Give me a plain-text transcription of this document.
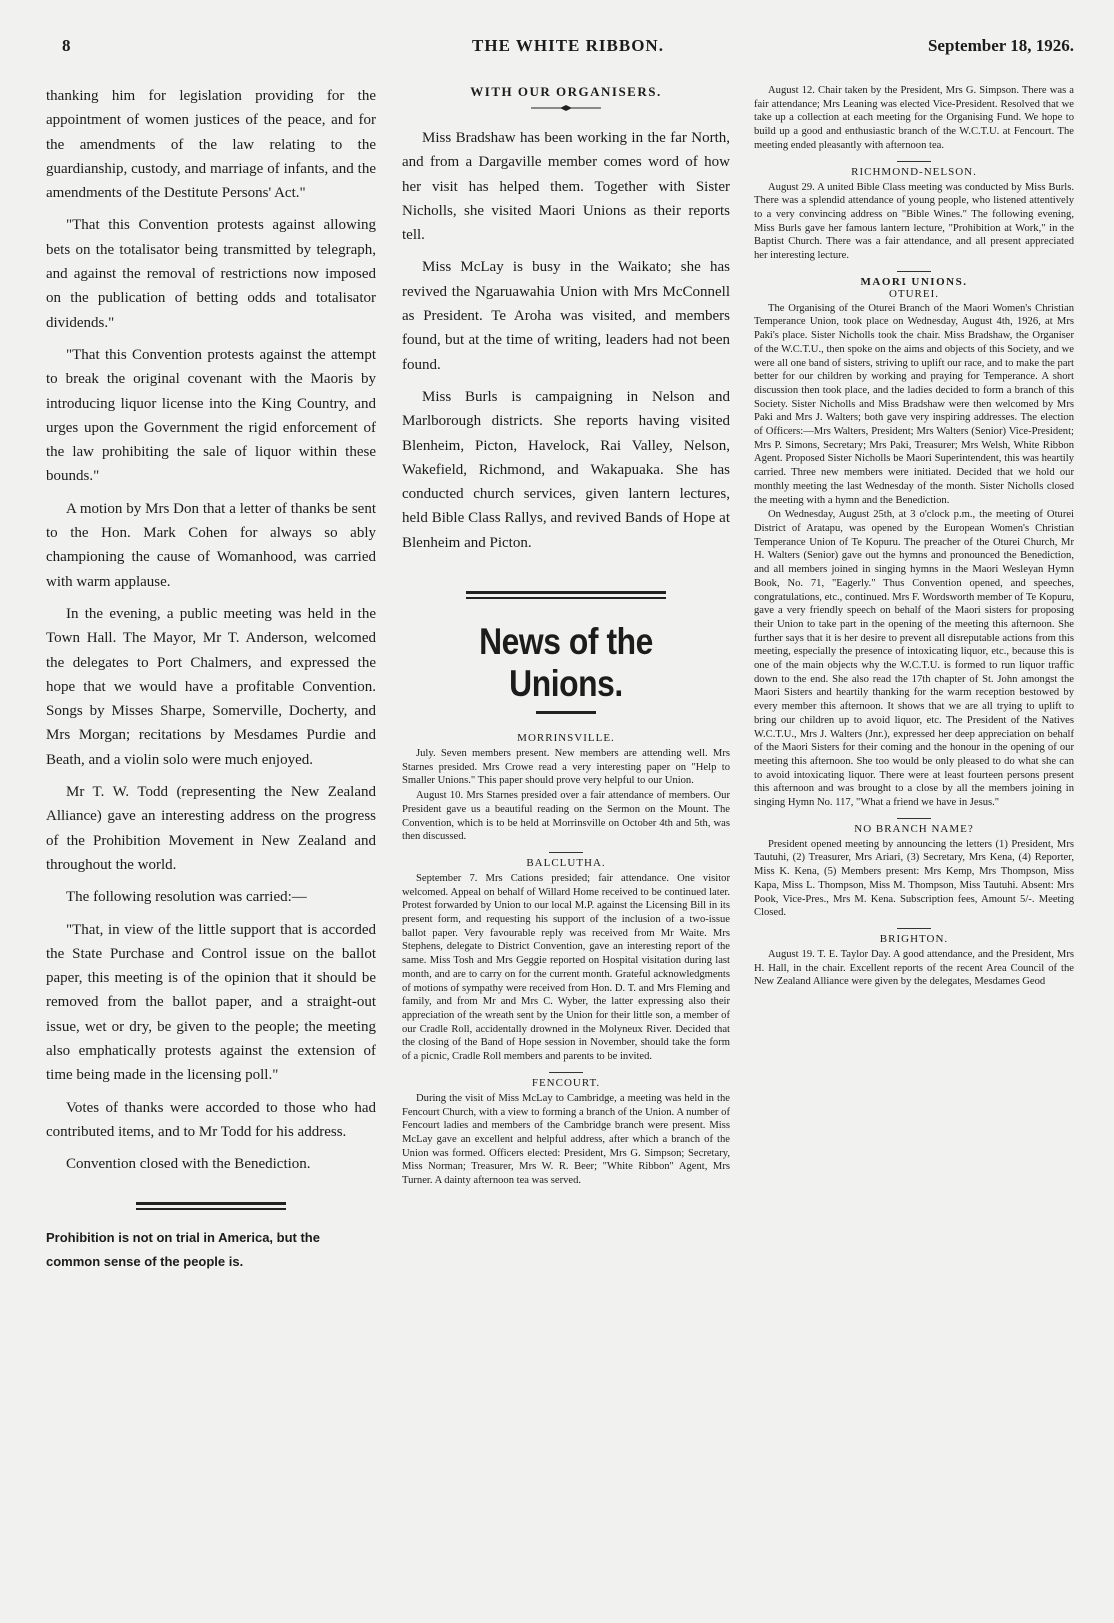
8	THE WHITE RIBBON.	September 18, 1926.

thanking him for legislation providing for the appointment of women justices of the peace, and for the amendments of the law relating to the guardianship, custody, and marriage of infants, and the amendments of the Destitute Persons' Act."

"That this Convention protests against allowing bets on the totalisator being transmitted by telegraph, and against the removal of restrictions now imposed on the publication of betting odds and totalisator dividends."

"That this Convention protests against the attempt to break the original covenant with the Maoris by introducing liquor license into the King Country, and urges upon the Government the rigid enforcement of the law prohibiting the sale of liquor within these bounds."

A motion by Mrs Don that a letter of thanks be sent to the Hon. Mark Cohen for always so ably championing the cause of Womanhood, was carried with warm applause.

In the evening, a public meeting was held in the Town Hall. The Mayor, Mr T. Anderson, welcomed the delegates to Port Chalmers, and expressed the hope that we would have a profitable Convention. Songs by Misses Sharpe, Somerville, Docherty, and Mrs Morgan; recitations by Mesdames Purdie and Beath, and a violin solo were much enjoyed.

Mr T. W. Todd (representing the New Zealand Alliance) gave an interesting address on the progress of the Prohibition Movement in New Zealand and throughout the world.

The following resolution was carried:—

"That, in view of the little support that is accorded the State Purchase and Control issue on the ballot paper, this meeting is of the opinion that it should be removed from the ballot paper, and a straight-out issue, wet or dry, be given to the people; the meeting also emphatically protests against the extension of time being made in the licensing poll."

Votes of thanks were accorded to those who had contributed items, and to Mr Todd for his address.

Convention closed with the Benediction.

Prohibition is not on trial in America, but the common sense of the people is.
WITH OUR ORGANISERS.

Miss Bradshaw has been working in the far North, and from a Dargaville member comes word of how her visit has helped them. Together with Sister Nicholls, she visited Maori Unions as their reports tell.

Miss McLay is busy in the Waikato; she has revived the Ngaruawahia Union with Mrs McConnell as President. Te Aroha was visited, and members found, but at the time of writing, leaders had not been found.

Miss Burls is campaigning in Nelson and Marlborough districts. She reports having visited Blenheim, Picton, Havelock, Rai Valley, Nelson, Wakefield, Richmond, and Wakapuaka. She has conducted church services, given lantern lectures, held Bible Class Rallys, and revived Bands of Hope at Blenheim and Picton.

News of the Unions.
MORRINSVILLE.

July. Seven members present. New members are attending well. Mrs Starnes presided. Mrs Crowe read a very interesting paper on "Help to Smaller Unions." This paper should prove very helpful to our Union.

August 10. Mrs Starnes presided over a fair attendance of members. Our President gave us a beautiful reading on the Sermon on the Mount. The Convention, which is to be held at Morrinsville on October 4th and 5th, was then discussed.

BALCLUTHA.

September 7. Mrs Cations presided; fair attendance. One visitor welcomed. Appeal on behalf of Willard Home received to be continued later. Protest forwarded by Union to our local M.P. against the Licensing Bill in its present form, and requesting his support of the inclusion of a two-issue ballot paper. Very favourable reply was received from Mr Waite. Mrs Stephens, delegate to District Convention, gave an interesting report of the same. Miss Tosh and Mrs Geggie reported on Hospital visitation during last month, and are to carry on for the current month. Grateful acknowledgments of motions of sympathy were received from Hon. D. T. and Mrs Fleming and family, and from Mr and Mrs C. Wyber, the latter expressing also their appreciation of the wreath sent by the Union for their little son, a member of our Cradle Roll, accidentally drowned in the Molyneux River. Decided that the closing of the Band of Hope session in November, should take the form of a picnic, Cradle Roll members and parents to be invited.

FENCOURT.

During the visit of Miss McLay to Cambridge, a meeting was held in the Fencourt Church, with a view to forming a branch of the Union. A number of Fencourt ladies and members of the Cambridge branch were present. Miss McLay gave an excellent and helpful address, after which a branch of the Union was formed. Officers elected: President, Mrs G. Simpson; Secretary, Miss Norman; Treasurer, Mrs W. R. Beer; "White Ribbon" Agent, Mrs Turner. A dainty afternoon tea was served.

August 12. Chair taken by the President, Mrs G. Simpson. There was a fair attendance; Mrs Leaning was elected Vice-President. Resolved that we take up a collection at each meeting for the Organising Fund. We hope to build up a good and enthusiastic branch of the W.C.T.U. at Fencourt. The meeting ended pleasantly with afternoon tea.

RICHMOND-NELSON.

August 29. A united Bible Class meeting was conducted by Miss Burls. There was a splendid attendance of young people, who listened attentively to a very convincing address on "Bible Wines." The following evening, Miss Burls gave her famous lantern lecture, "Prohibition at Work," in the Baptist Church. There was a fair attendance, and all present appreciated her interesting lecture.

MAORI UNIONS.
OTUREI.

The Organising of the Oturei Branch of the Maori Women's Christian Temperance Union, took place on Wednesday, August 4th, 1926, at Mrs Paki's place. Sister Nicholls took the chair. Miss Bradshaw, the Organiser of the W.C.T.U., then spoke on the aims and objects of this Society, and we were all one band of sisters, striving to uplift our race, and to make the part better for our children by working and praying for Temperance. A short discussion then took place, and the ladies decided to form a branch of this Society. Sister Nicholls and Miss Bradshaw were then welcomed by Mrs Paki and Mrs J. Walters; both gave very inspiring addresses. The election of Officers:—Mrs Walters, President; Mrs Walters (Senior) Vice-President; Mrs P. Simons, Secretary; Mrs Paki, Treasurer; Mrs Welsh, White Ribbon Agent. Proposed Sister Nicholls be Maori Superintendent, this was heartily carried. Three new members were initiated. Decided that we hold our monthly meeting the last Wednesday of the month. Sister Nicholls closed the meeting with a hymn and the Benediction.

On Wednesday, August 25th, at 3 o'clock p.m., the meeting of Oturei District of Aratapu, was opened by the European Women's Christian Temperance Union of Te Kopuru. The preacher of the Oturei Church, Mr H. Walters (Senior) gave out the hymns and pronounced the Benediction, and all members joined in singing hymns in the Maori Wesleyan Hymn Book, No. 71, "Eagerly." Thus Convention opened, and speeches, congratulations, etc., continued. Mrs F. Wordsworth member of Te Kopuru, gave a very friendly speech on behalf of the Maori sisters for proposing their Union to take part in the opening of the meeting this afternoon. She further says that it is her desire to prevent all disreputable actions from this meeting, especially the presence of intoxicating liquor, etc., because this is one of the main objects why the W.C.T.U. is formed to run liquor traffic down to the end. She also read the 17th chapter of St. John amongst the Maori Sisters and heartily thanking for the warm reception bestowed by every member this afternoon. It shows that we are all trying to uplift to bring our children up to avoid liquor, etc. The President of the Natives W.C.T.U., Mrs J. Walters (Jnr.), expressed her deep appreciation on behalf of the Maori Sisters for their coming and the honour in the opening of our meeting this afternoon. She too would be only pleased to do what she can to avoid intoxicating liquor. There were at least fourteen persons present this afternoon and was brought to a close by all the members joining in singing Hymn No. 117, "What a friend we have in Jesus."

NO BRANCH NAME?

President opened meeting by announcing the letters (1) President, Mrs Tautuhi, (2) Treasurer, Mrs Ariari, (3) Secretary, Mrs Kena, (4) Reporter, Miss K. Kena, (5) Members present: Mrs Kemp, Mrs Thompson, Miss Kapa, Miss L. Thompson, Miss M. Thompson, Miss Tautuhi. Absent: Mrs Pook, Vice-Pres., Mrs M. Kena. Subscription fees, Amount 5/-. Meeting Closed.

BRIGHTON.

August 19. T. E. Taylor Day. A good attendance, and the President, Mrs H. Hall, in the chair. Excellent reports of the recent Area Council of the New Zealand Alliance were given by the delegates, Mesdames Geod
